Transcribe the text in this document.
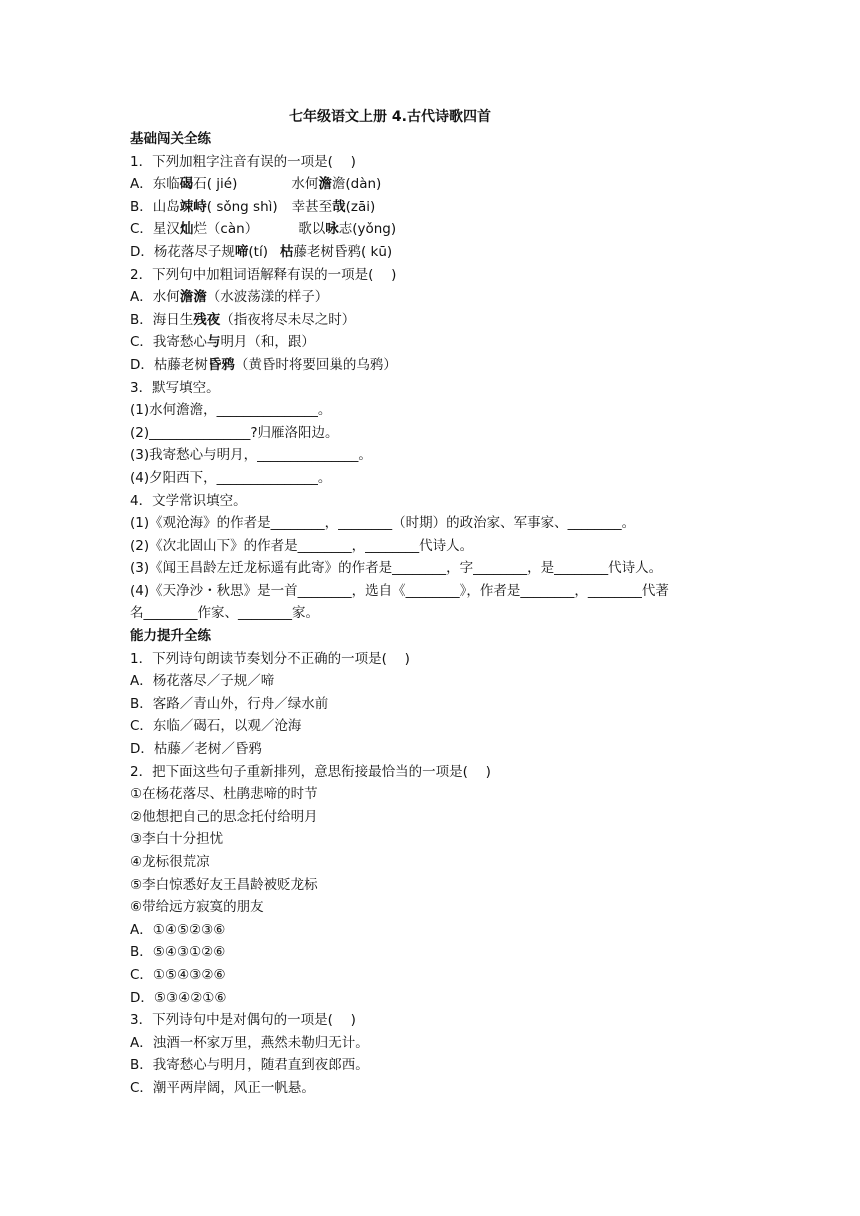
七年级语文上册 4.古代诗歌四首
基础闯关全练
1．下列加粗字注音有误的一项是(　 )
A．东临碣石( jié)	水何澹澹(dàn)
B．山岛竦峙( sǒng shì) 幸甚至哉(zāi)
C．星汉灿烂（càn）	歌以咏志(yǒng)
D．杨花落尽子规啼(tí) 枯藤老树昏鸦( kū)
2．下列句中加粗词语解释有误的一项是(　 )
A．水何澹澹（水波荡漾的样子）
B．海日生残夜（指夜将尽未尽之时）
C．我寄愁心与明月（和，跟）
D．枯藤老树昏鸦（黄昏时将要回巢的乌鸦）
3．默写填空。
(1)水何澹澹，_______________。
(2)_______________?归雁洛阳边。
(3)我寄愁心与明月，_______________。
(4)夕阳西下，_______________。
4．文学常识填空。
(1)《观沧海》的作者是________，________（时期）的政治家、军事家、________。
(2)《次北固山下》的作者是________，________代诗人。
(3)《闻王昌龄左迁龙标遥有此寄》的作者是________，字________，是________代诗人。
(4)《天净沙・秋思》是一首________，选自《________》，作者是________，________代著
名________作家、________家。
能力提升全练
1．下列诗句朗读节奏划分不正确的一项是(　 )
A．杨花落尽／子规／啼
B．客路／青山外，行舟／绿水前
C．东临／碣石，以观／沧海
D．枯藤／老树／昏鸦
2．把下面这些句子重新排列，意思衔接最恰当的一项是(　 )
①在杨花落尽、杜鹃悲啼的时节
②他想把自己的思念托付给明月
③李白十分担忧
④龙标很荒凉
⑤李白惊悉好友王昌龄被贬龙标
⑥带给远方寂寞的朋友
A．①④⑤②③⑥
B．⑤④③①②⑥
C．①⑤④③②⑥
D．⑤③④②①⑥
3．下列诗句中是对偶句的一项是(　 )
A．浊酒一杯家万里，燕然未勒归无计。
B．我寄愁心与明月，随君直到夜郎西。
C．潮平两岸阔，风正一帆悬。
